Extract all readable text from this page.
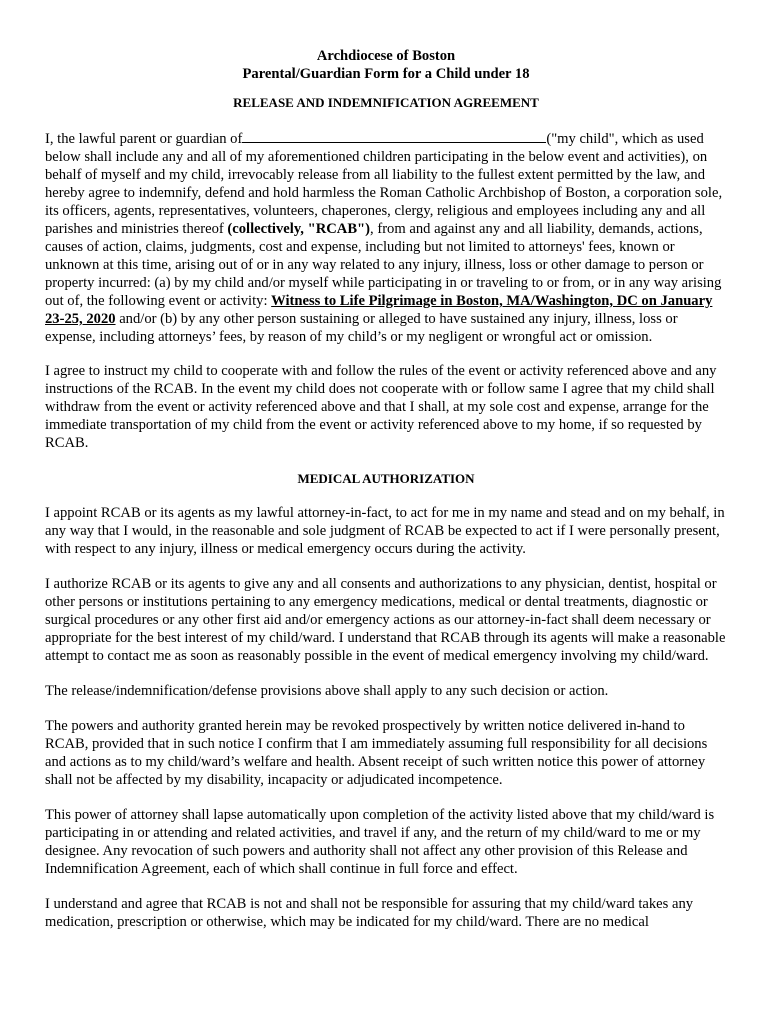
Archdiocese of Boston
Parental/Guardian Form for a Child under 18
RELEASE AND INDEMNIFICATION AGREEMENT

I, the lawful parent or guardian of	("my child", which as used below shall include any and all of my aforementioned children participating in the below event and activities), on behalf of myself and my child, irrevocably release from all liability to the fullest extent permitted by the law, and hereby agree to indemnify, defend and hold harmless the Roman Catholic Archbishop of Boston, a corporation sole, its officers, agents, representatives, volunteers, chaperones, clergy, religious and employees including any and all parishes and ministries thereof (collectively, "RCAB"), from and against any and all liability, demands, actions, causes of action, claims, judgments, cost and expense, including but not limited to attorneys' fees, known or unknown at this time, arising out of or in any way related to any injury, illness, loss or other damage to person or property incurred: (a) by my child and/or myself while participating in or traveling to or from, or in any way arising out of, the following event or activity: Witness to Life Pilgrimage in Boston, MA/Washington, DC on January 23-25, 2020 and/or (b) by any other person sustaining or alleged to have sustained any injury, illness, loss or expense, including attorneys’ fees, by reason of my child’s or my negligent or wrongful act or omission.

I agree to instruct my child to cooperate with and follow the rules of the event or activity referenced above and any instructions of the RCAB. In the event my child does not cooperate with or follow same I agree that my child shall withdraw from the event or activity referenced above and that I shall, at my sole cost and expense, arrange for the immediate transportation of my child from the event or activity referenced above to my home, if so requested by RCAB.

MEDICAL AUTHORIZATION

I appoint RCAB or its agents as my lawful attorney-in-fact, to act for me in my name and stead and on my behalf, in any way that I would, in the reasonable and sole judgment of RCAB be expected to act if I were personally present, with respect to any injury, illness or medical emergency occurs during the activity.

I authorize RCAB or its agents to give any and all consents and authorizations to any physician, dentist, hospital or other persons or institutions pertaining to any emergency medications, medical or dental treatments, diagnostic or surgical procedures or any other first aid and/or emergency actions as our attorney-in-fact shall deem necessary or appropriate for the best interest of my child/ward. I understand that RCAB through its agents will make a reasonable attempt to contact me as soon as reasonably possible in the event of medical emergency involving my child/ward.

The release/indemnification/defense provisions above shall apply to any such decision or action.

The powers and authority granted herein may be revoked prospectively by written notice delivered in-hand to RCAB, provided that in such notice I confirm that I am immediately assuming full responsibility for all decisions and actions as to my child/ward’s welfare and health. Absent receipt of such written notice this power of attorney shall not be affected by my disability, incapacity or adjudicated incompetence.

This power of attorney shall lapse automatically upon completion of the activity listed above that my child/ward is participating in or attending and related activities, and travel if any, and the return of my child/ward to me or my designee. Any revocation of such powers and authority shall not affect any other provision of this Release and Indemnification Agreement, each of which shall continue in full force and effect.

I understand and agree that RCAB is not and shall not be responsible for assuring that my child/ward takes any medication, prescription or otherwise, which may be indicated for my child/ward. There are no medical
